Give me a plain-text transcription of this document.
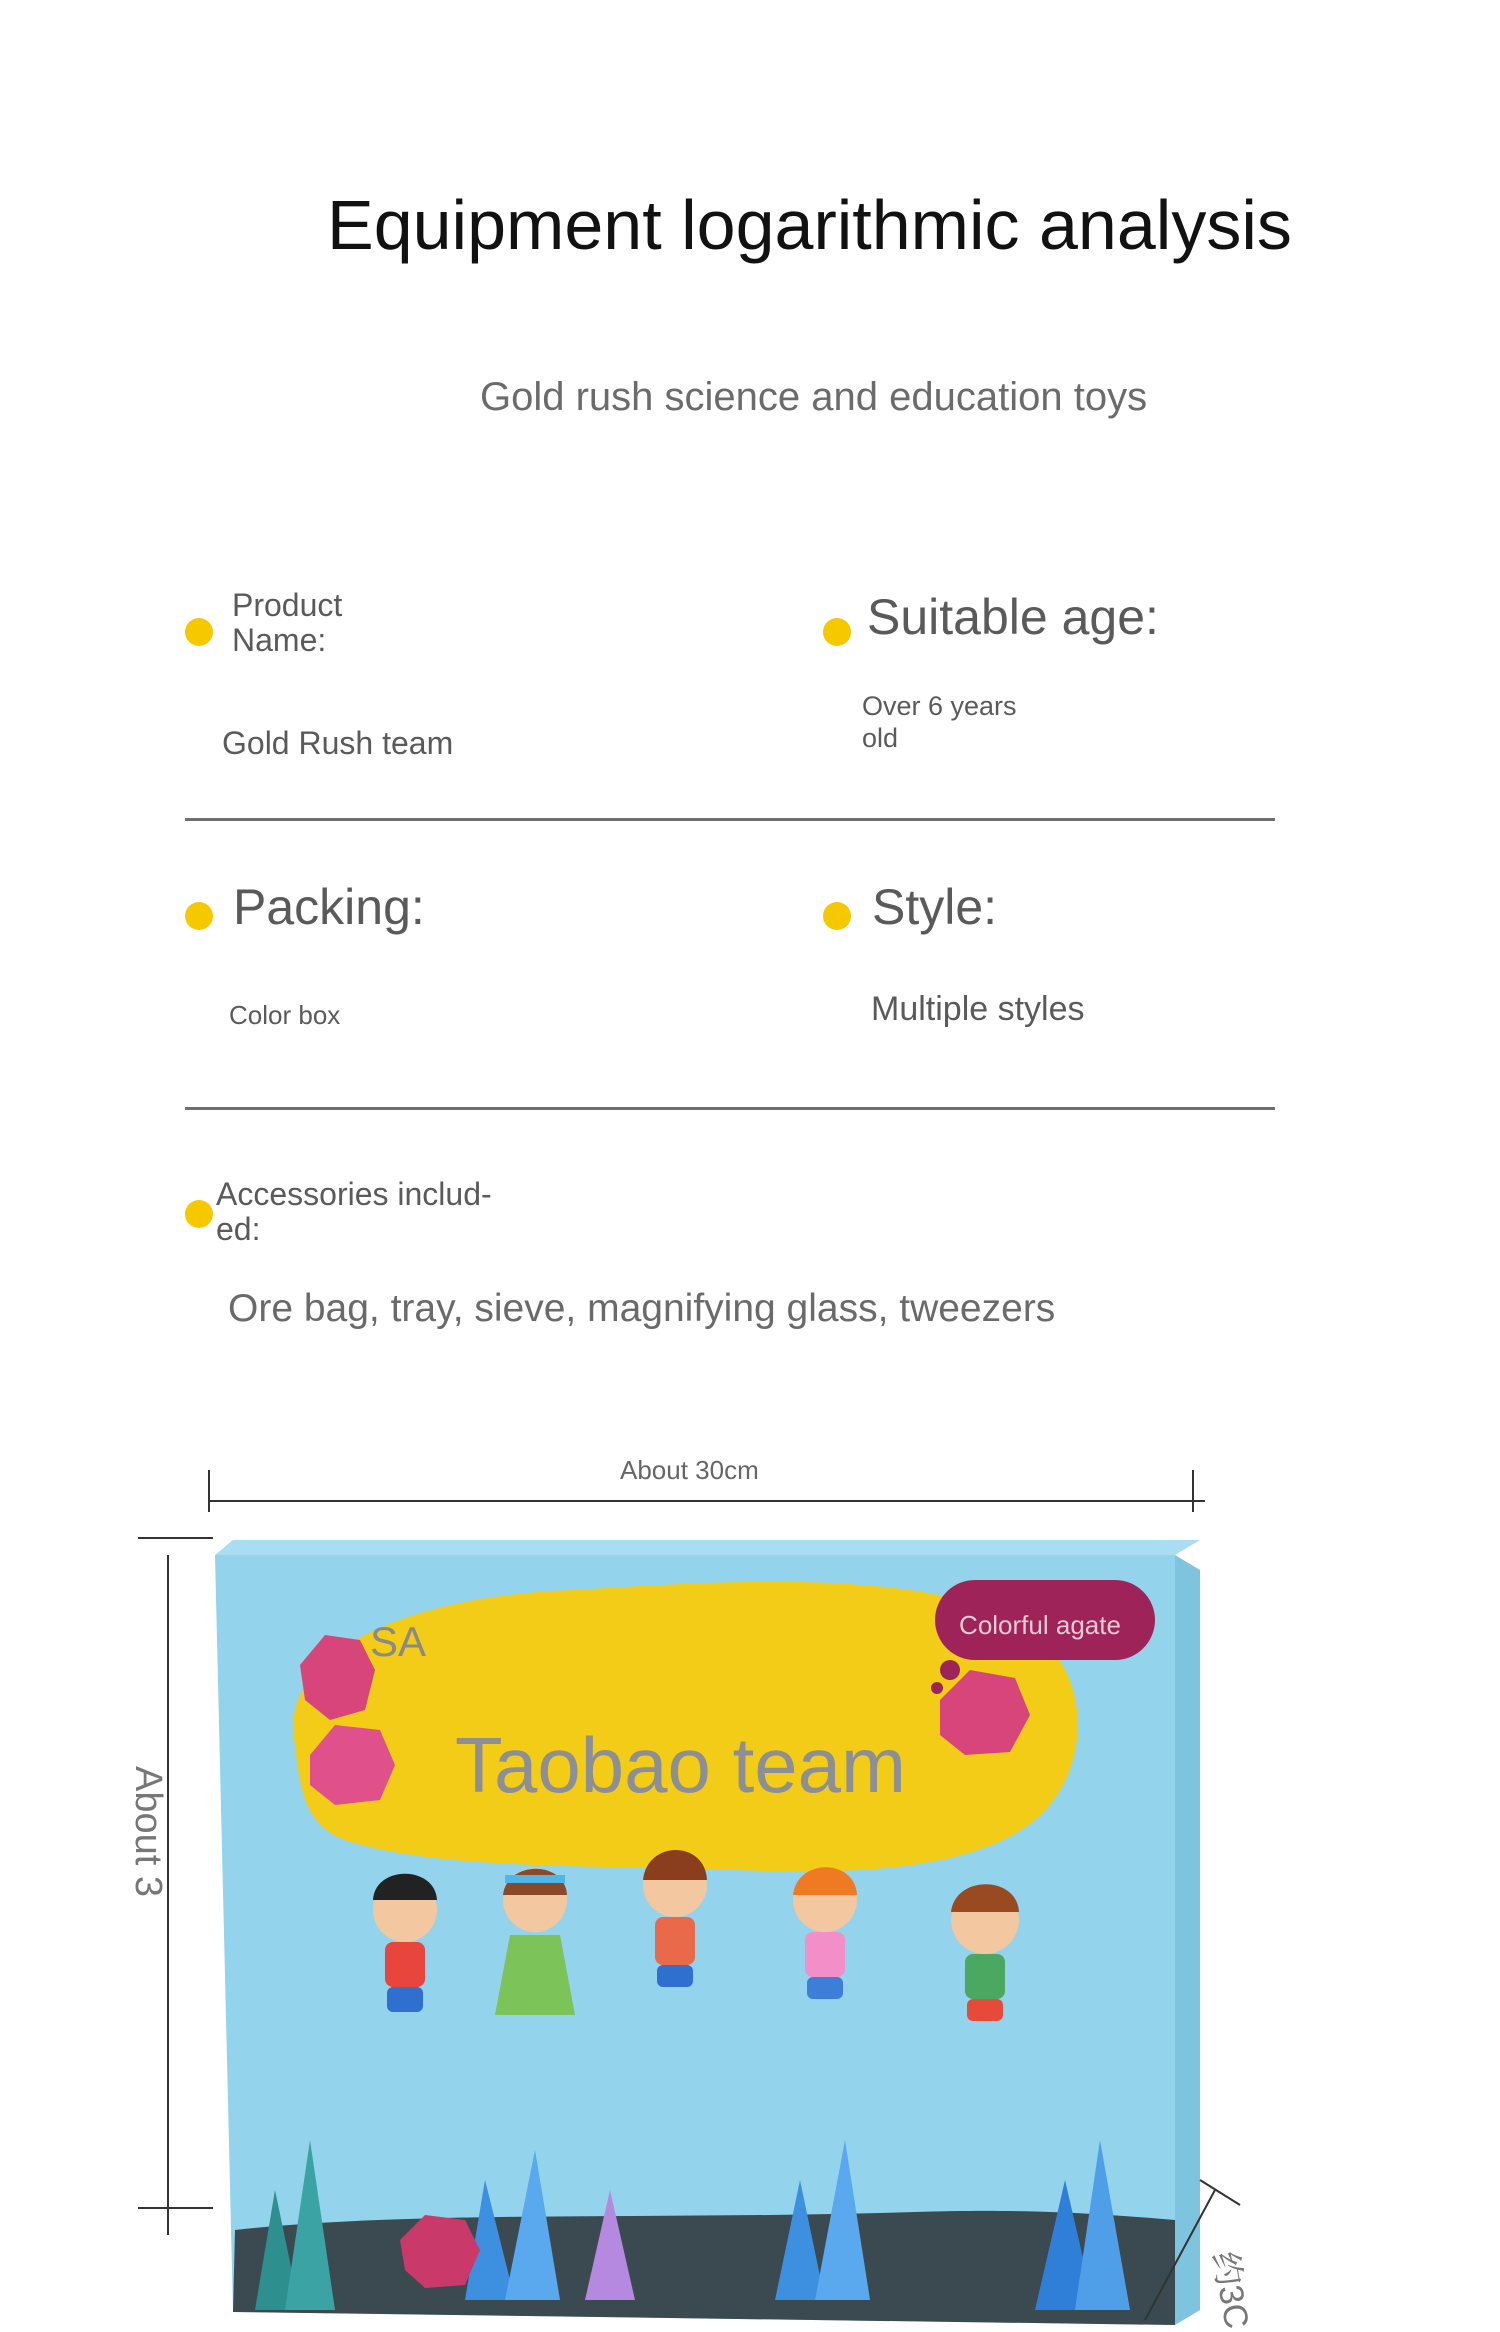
Equipment logarithmic analysis
Gold rush science and education toys
Product Name:
Gold Rush team
Suitable age:
Over 6 years old
Packing:
Color box
Style:
Multiple styles
Accessories includ- ed:
Ore bag, tray, sieve, magnifying glass, tweezers
About 30cm
About 3
SA
Taobao team
Colorful agate
约3C
